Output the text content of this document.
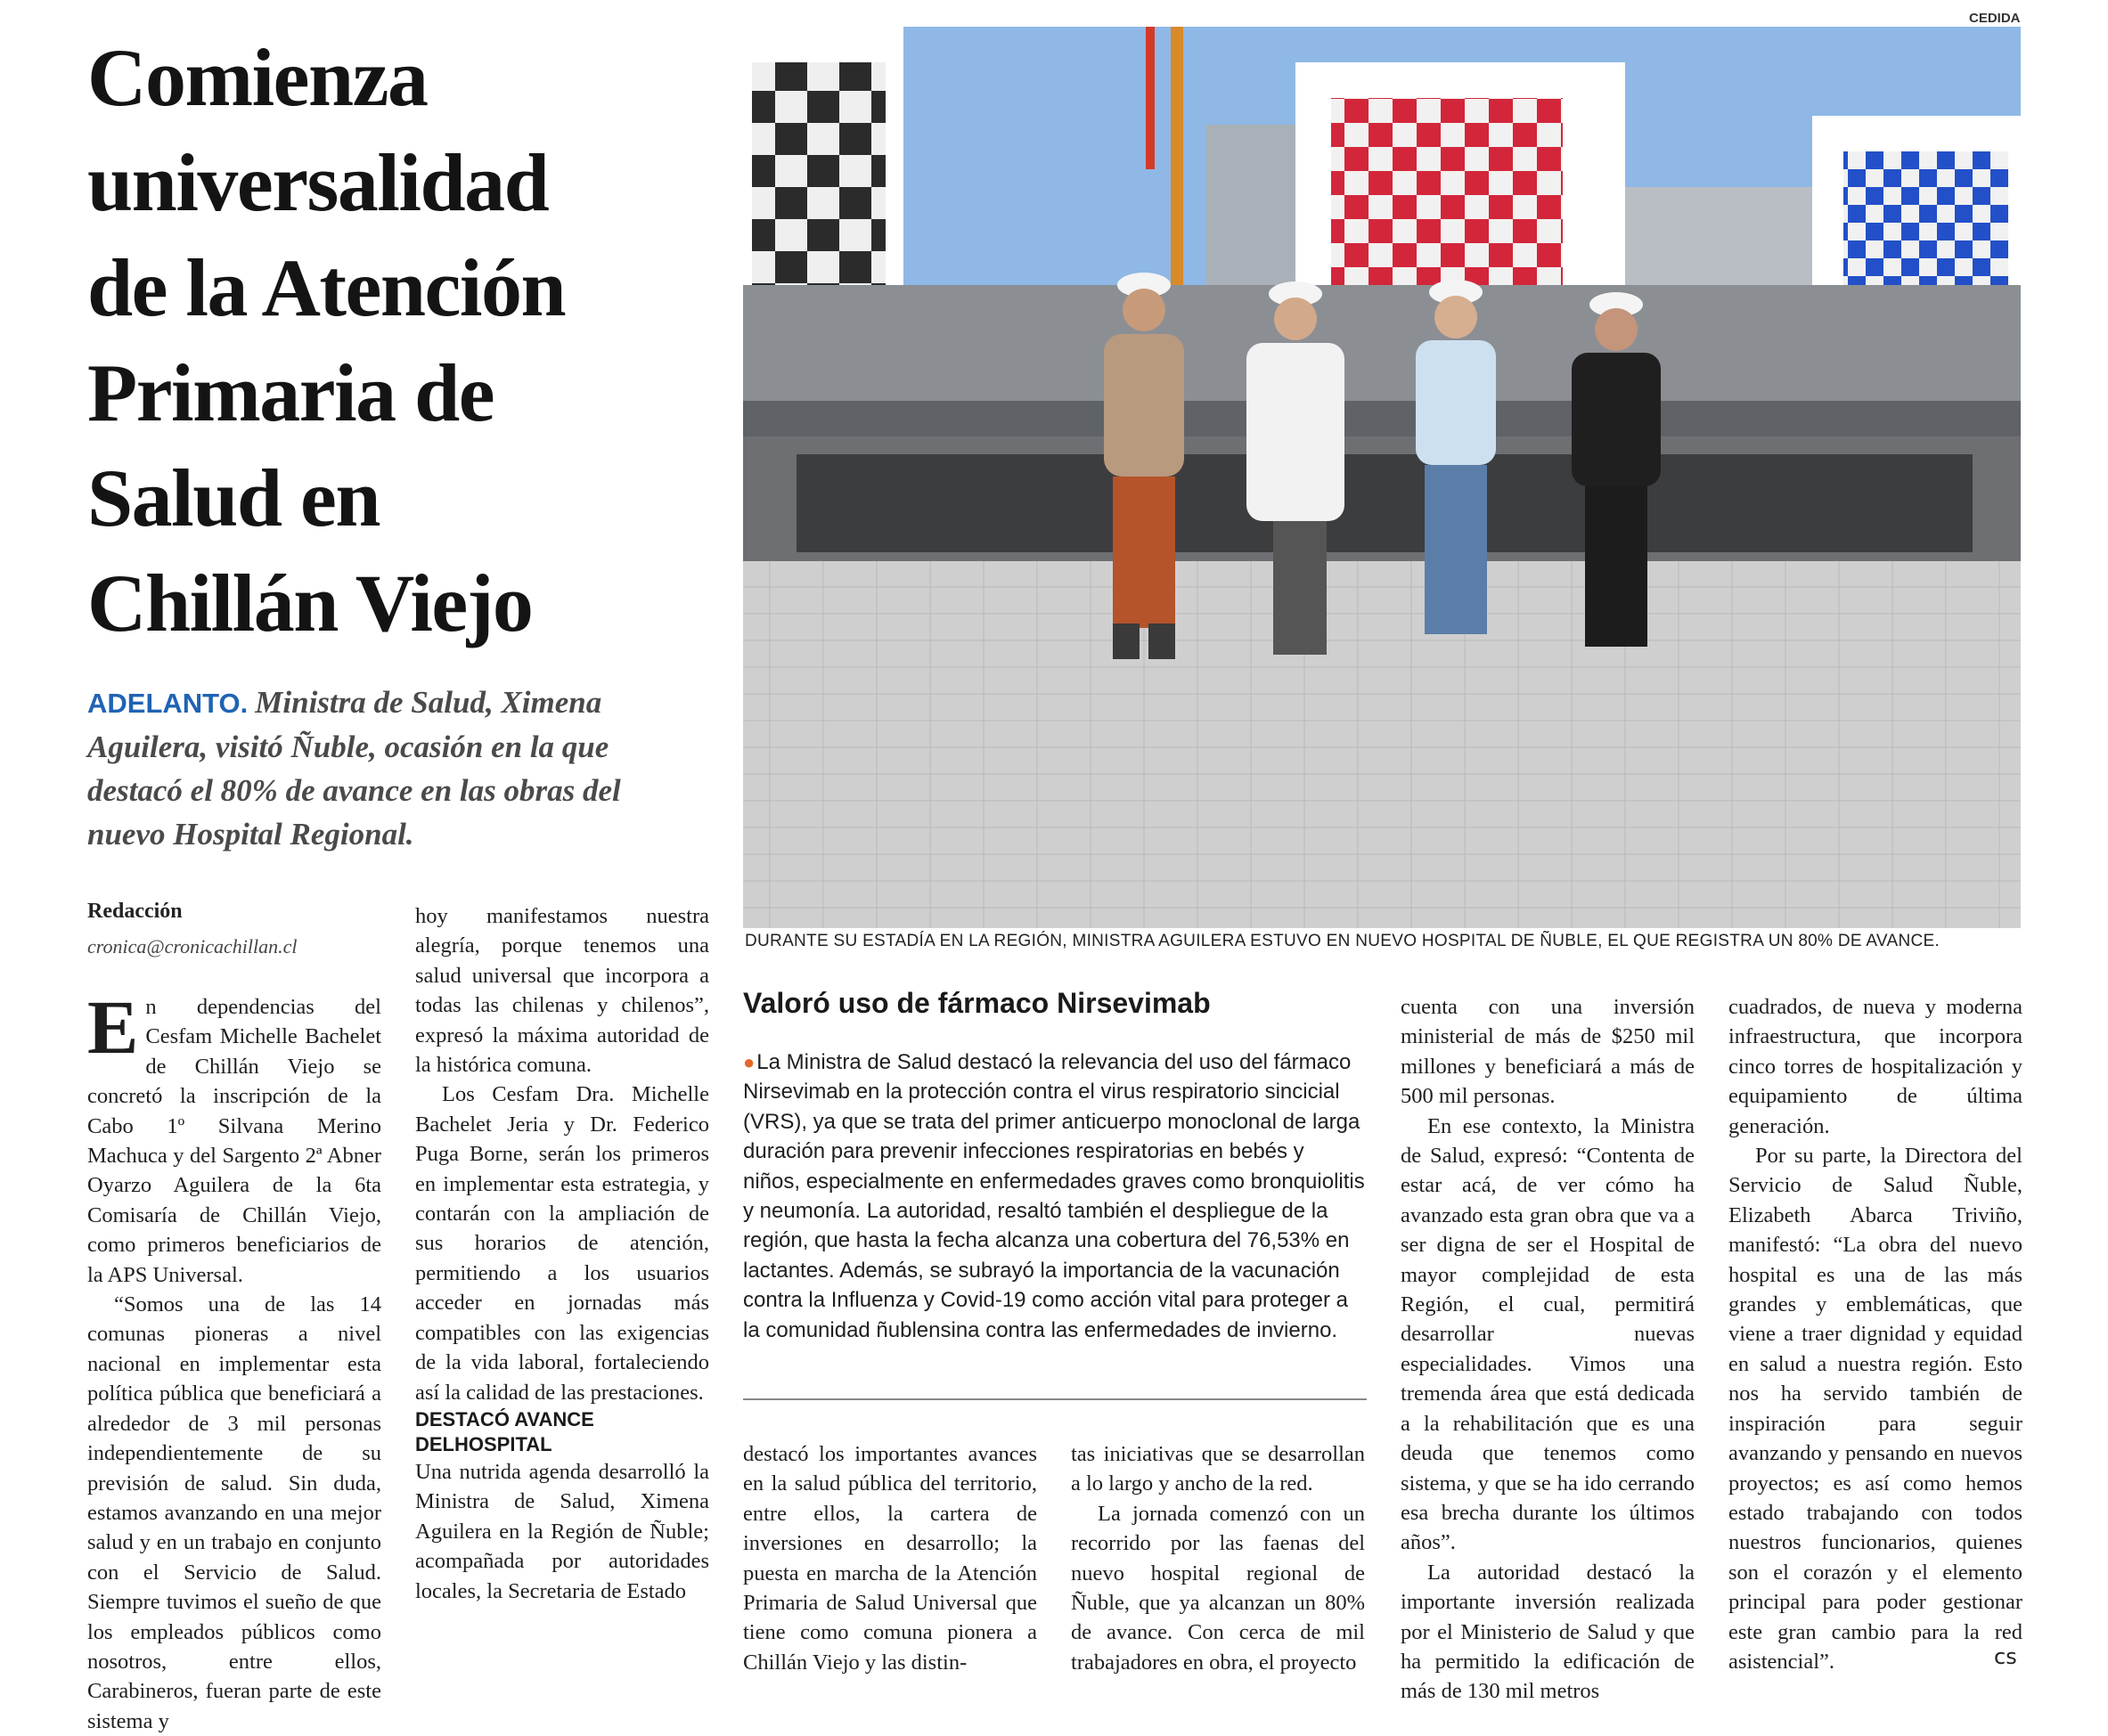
Comienza
universalidad
de la Atención
Primaria de
Salud en
Chillán Viejo
ADELANTO. Ministra de Salud, Ximena Aguilera, visitó Ñuble, ocasión en la que destacó el 80% de avance en las obras del nuevo Hospital Regional.
Redacción
cronica@cronicachillan.cl

En dependencias del Cesfam Michelle Bachelet de Chillán Viejo se concretó la inscripción de la Cabo 1º Silvana Merino Machuca y del Sargento 2ª Abner Oyarzo Aguilera de la 6ta Comisaría de Chillán Viejo, como primeros beneficiarios de la APS Universal.

“Somos una de las 14 comunas pioneras a nivel nacional en implementar esta política pública que beneficiará a alrededor de 3 mil personas independientemente de su previsión de salud. Sin duda, estamos avanzando en una mejor salud y en un trabajo en conjunto con el Servicio de Salud. Siempre tuvimos el sueño de que los empleados públicos como nosotros, entre ellos, Carabineros, fueran parte de este sistema y

hoy manifestamos nuestra alegría, porque tenemos una salud universal que incorpora a todas las chilenas y chilenos”, expresó la máxima autoridad de la histórica comuna.

Los Cesfam Dra. Michelle Bachelet Jeria y Dr. Federico Puga Borne, serán los primeros en implementar esta estrategia, y contarán con la ampliación de sus horarios de atención, permitiendo a los usuarios acceder en jornadas más compatibles con las exigencias de la vida laboral, fortaleciendo así la calidad de las prestaciones.

DESTACÓ AVANCE
DELHOSPITAL

Una nutrida agenda desarrolló la Ministra de Salud, Ximena Aguilera en la Región de Ñuble; acompañada por autoridades locales, la Secretaria de Estado

CEDIDA
DURANTE SU ESTADÍA EN LA REGIÓN, MINISTRA AGUILERA ESTUVO EN NUEVO HOSPITAL DE ÑUBLE, EL QUE REGISTRA UN 80% DE AVANCE.
Valoró uso de fármaco Nirsevimab
●La Ministra de Salud destacó la relevancia del uso del fármaco Nirsevimab en la protección contra el virus respiratorio sincicial (VRS), ya que se trata del primer anticuerpo monoclonal de larga duración para prevenir infecciones respiratorias en bebés y niños, especialmente en enfermedades graves como bronquiolitis y neumonía. La autoridad, resaltó también el despliegue de la región, que hasta la fecha alcanza una cobertura del 76,53% en lactantes. Además, se subrayó la importancia de la vacunación contra la Influenza y Covid-19 como acción vital para proteger a la comunidad ñublensina contra las enfermedades de invierno.

destacó los importantes avances en la salud pública del territorio, entre ellos, la cartera de inversiones en desarrollo; la puesta en marcha de la Atención Primaria de Salud Universal que tiene como comuna pionera a Chillán Viejo y las distin-

tas iniciativas que se desarrollan a lo largo y ancho de la red.

La jornada comenzó con un recorrido por las faenas del nuevo hospital regional de Ñuble, que ya alcanzan un 80% de avance. Con cerca de mil trabajadores en obra, el proyecto

cuenta con una inversión ministerial de más de $250 mil millones y beneficiará a más de 500 mil personas.

En ese contexto, la Ministra de Salud, expresó: “Contenta de estar acá, de ver cómo ha avanzado esta gran obra que va a ser digna de ser el Hospital de mayor complejidad de esta Región, el cual, permitirá desarrollar nuevas especialidades. Vimos una tremenda área que está dedicada a la rehabilitación que es una deuda que tenemos como sistema, y que se ha ido cerrando esa brecha durante los últimos años”.

La autoridad destacó la importante inversión realizada por el Ministerio de Salud y que ha permitido la edificación de más de 130 mil metros

cuadrados, de nueva y moderna infraestructura, que incorpora cinco torres de hospitalización y equipamiento de última generación.

Por su parte, la Directora del Servicio de Salud Ñuble, Elizabeth Abarca Triviño, manifestó: “La obra del nuevo hospital es una de las más grandes y emblemáticas, que viene a traer dignidad y equidad en salud a nuestra región. Esto nos ha servido también de inspiración para seguir avanzando y pensando en nuevos proyectos; es así como hemos estado trabajando con todos nuestros funcionarios, quienes son el corazón y el elemento principal para poder gestionar este gran cambio para la red asistencial”.	cs
